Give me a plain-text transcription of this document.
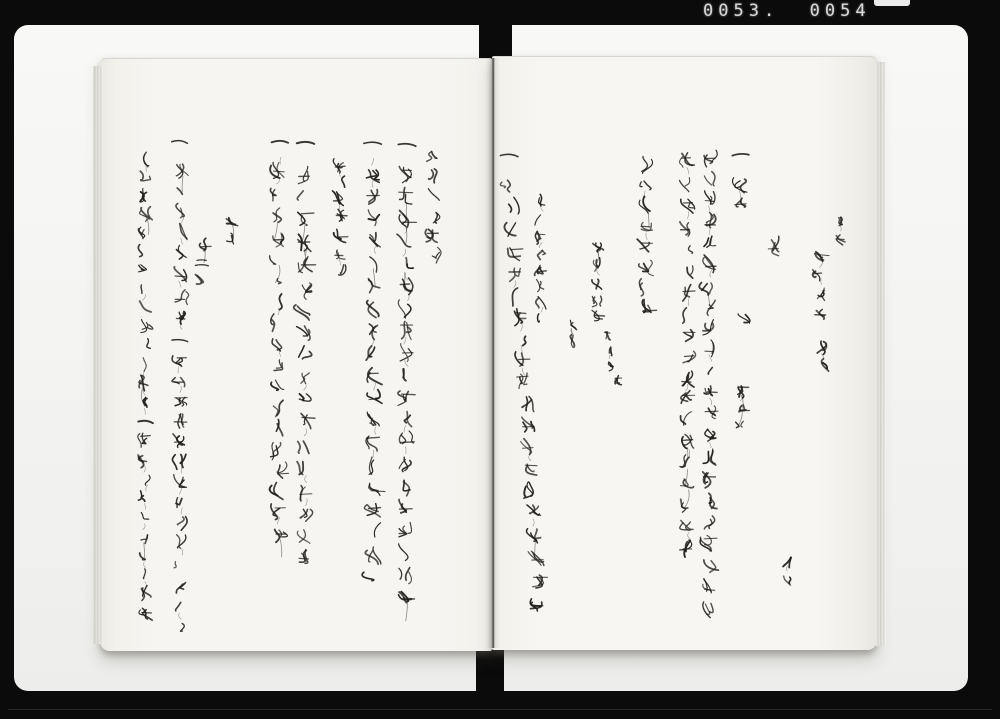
0053.  0054
